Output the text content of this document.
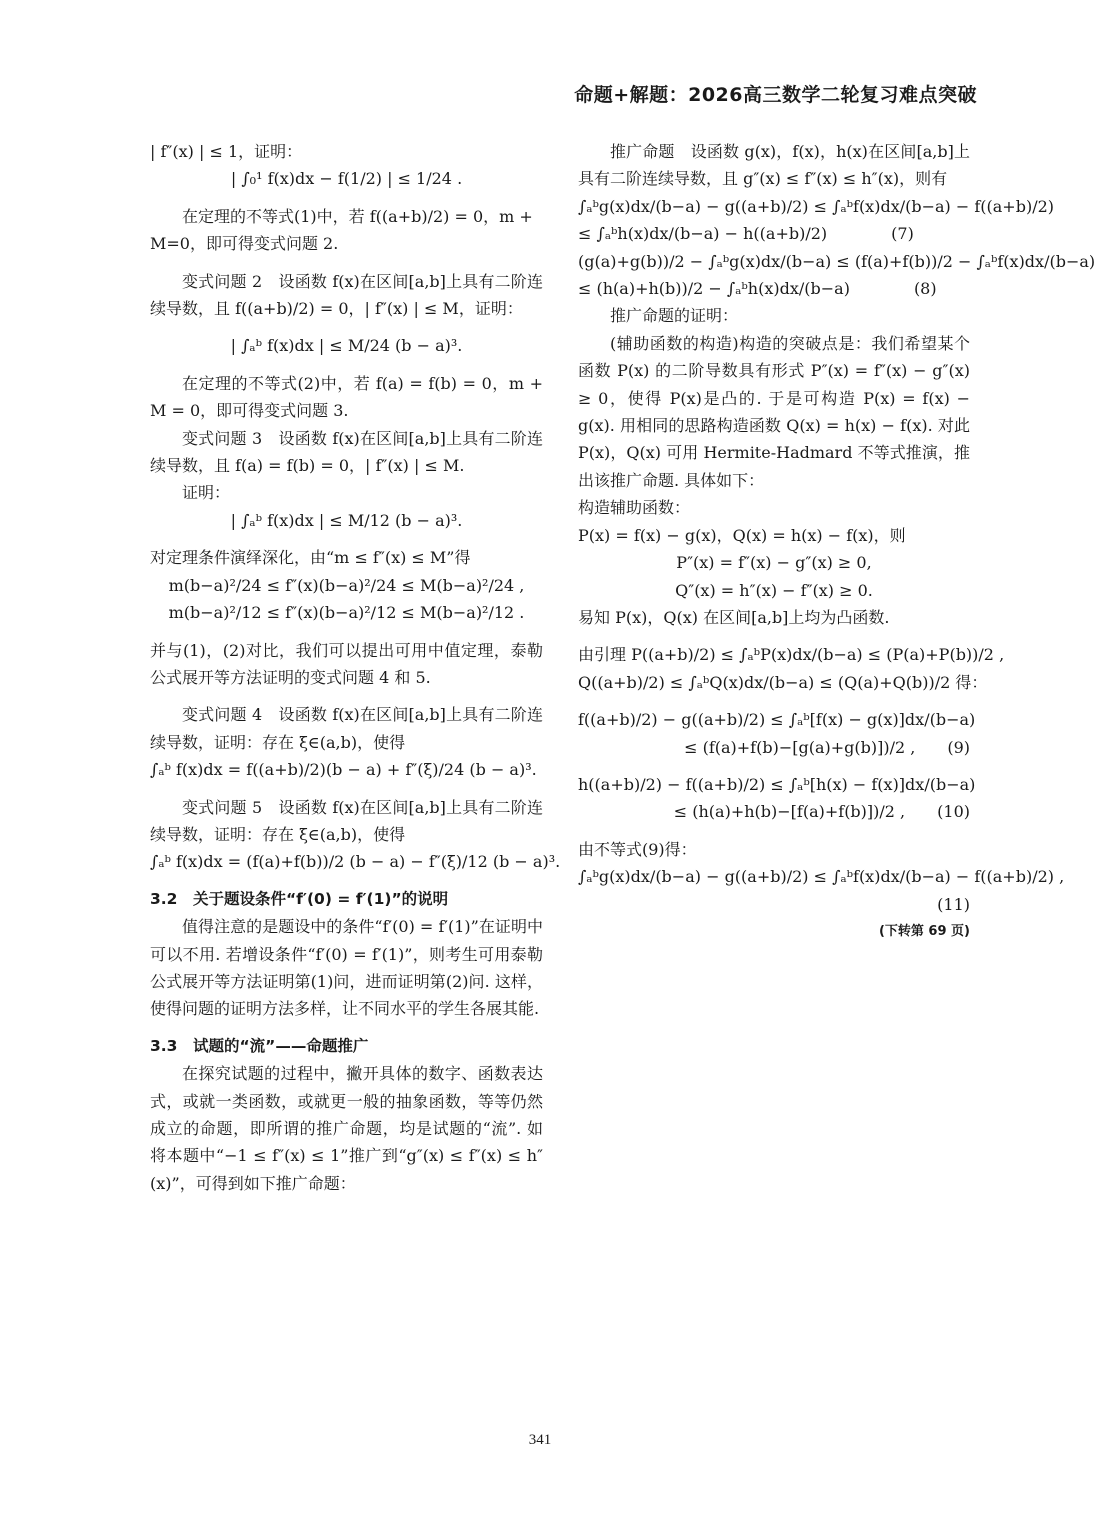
命题+解题：2026高三数学二轮复习难点突破

| f″(x) | ≤ 1，证明：

| ∫₀¹ f(x)dx − f(1/2) | ≤ 1/24 .

在定理的不等式(1)中，若 f((a+b)/2) = 0，m +

M=0，即可得变式问题 2.

变式问题 2　设函数 f(x)在区间[a,b]上具有二阶连续导数，且 f((a+b)/2) = 0，| f″(x) | ≤ M，证明：

| ∫ₐᵇ f(x)dx | ≤ M/24 (b − a)³.

在定理的不等式(2)中，若 f(a) = f(b) = 0，m + M = 0，即可得变式问题 3.

变式问题 3　设函数 f(x)在区间[a,b]上具有二阶连续导数，且 f(a) = f(b) = 0，| f″(x) | ≤ M.

证明：

| ∫ₐᵇ f(x)dx | ≤ M/12 (b − a)³.

对定理条件演绎深化，由“m ≤ f″(x) ≤ M”得

m(b−a)²/24 ≤ f″(x)(b−a)²/24 ≤ M(b−a)²/24 ,

m(b−a)²/12 ≤ f″(x)(b−a)²/12 ≤ M(b−a)²/12 .

并与(1)，(2)对比，我们可以提出可用中值定理，泰勒公式展开等方法证明的变式问题 4 和 5.

变式问题 4　设函数 f(x)在区间[a,b]上具有二阶连续导数，证明：存在 ξ∈(a,b)，使得

∫ₐᵇ f(x)dx = f((a+b)/2)(b − a) + f″(ξ)/24 (b − a)³.

变式问题 5　设函数 f(x)在区间[a,b]上具有二阶连续导数，证明：存在 ξ∈(a,b)，使得

∫ₐᵇ f(x)dx = (f(a)+f(b))/2 (b − a) − f″(ξ)/12 (b − a)³.

3.2　关于题设条件“f′(0) = f′(1)”的说明

值得注意的是题设中的条件“f′(0) = f′(1)”在证明中可以不用. 若增设条件“f′(0) = f′(1)”，则考生可用泰勒公式展开等方法证明第(1)问，进而证明第(2)问. 这样，使得问题的证明方法多样，让不同水平的学生各展其能.

3.3　试题的“流”——命题推广

在探究试题的过程中，撇开具体的数字、函数表达式，或就一类函数，或就更一般的抽象函数，等等仍然成立的命题，即所谓的推广命题，均是试题的“流”. 如将本题中“−1 ≤ f″(x) ≤ 1”推广到“g″(x) ≤ f″(x) ≤ h″(x)”，可得到如下推广命题：

推广命题　设函数 g(x)，f(x)，h(x)在区间[a,b]上具有二阶连续导数，且 g″(x) ≤ f″(x) ≤ h″(x)，则有

∫ₐᵇg(x)dx/(b−a) − g((a+b)/2) ≤ ∫ₐᵇf(x)dx/(b−a) − f((a+b)/2)

≤ ∫ₐᵇh(x)dx/(b−a) − h((a+b)/2)　　　　(7)

(g(a)+g(b))/2 − ∫ₐᵇg(x)dx/(b−a) ≤ (f(a)+f(b))/2 − ∫ₐᵇf(x)dx/(b−a)

≤ (h(a)+h(b))/2 − ∫ₐᵇh(x)dx/(b−a)　　　　(8)

推广命题的证明：

(辅助函数的构造)构造的突破点是：我们希望某个函数 P(x) 的二阶导数具有形式 P″(x) = f″(x) − g″(x) ≥ 0，使得 P(x)是凸的. 于是可构造 P(x) = f(x) − g(x). 用相同的思路构造函数 Q(x) = h(x) − f(x). 对此 P(x)，Q(x) 可用 Hermite-Hadmard 不等式推演，推出该推广命题. 具体如下：

构造辅助函数：

P(x) = f(x) − g(x)，Q(x) = h(x) − f(x)，则

P″(x) = f″(x) − g″(x) ≥ 0,

Q″(x) = h″(x) − f″(x) ≥ 0.

易知 P(x)，Q(x) 在区间[a,b]上均为凸函数.

由引理 P((a+b)/2) ≤ ∫ₐᵇP(x)dx/(b−a) ≤ (P(a)+P(b))/2 ,

Q((a+b)/2) ≤ ∫ₐᵇQ(x)dx/(b−a) ≤ (Q(a)+Q(b))/2 得：

f((a+b)/2) − g((a+b)/2) ≤ ∫ₐᵇ[f(x) − g(x)]dx/(b−a)

≤ (f(a)+f(b)−[g(a)+g(b)])/2 ,　　(9)

h((a+b)/2) − f((a+b)/2) ≤ ∫ₐᵇ[h(x) − f(x)]dx/(b−a)

≤ (h(a)+h(b)−[f(a)+f(b)])/2 ,　　(10)

由不等式(9)得：

∫ₐᵇg(x)dx/(b−a) − g((a+b)/2) ≤ ∫ₐᵇf(x)dx/(b−a) − f((a+b)/2) ,

(11)

(下转第 69 页)

341
